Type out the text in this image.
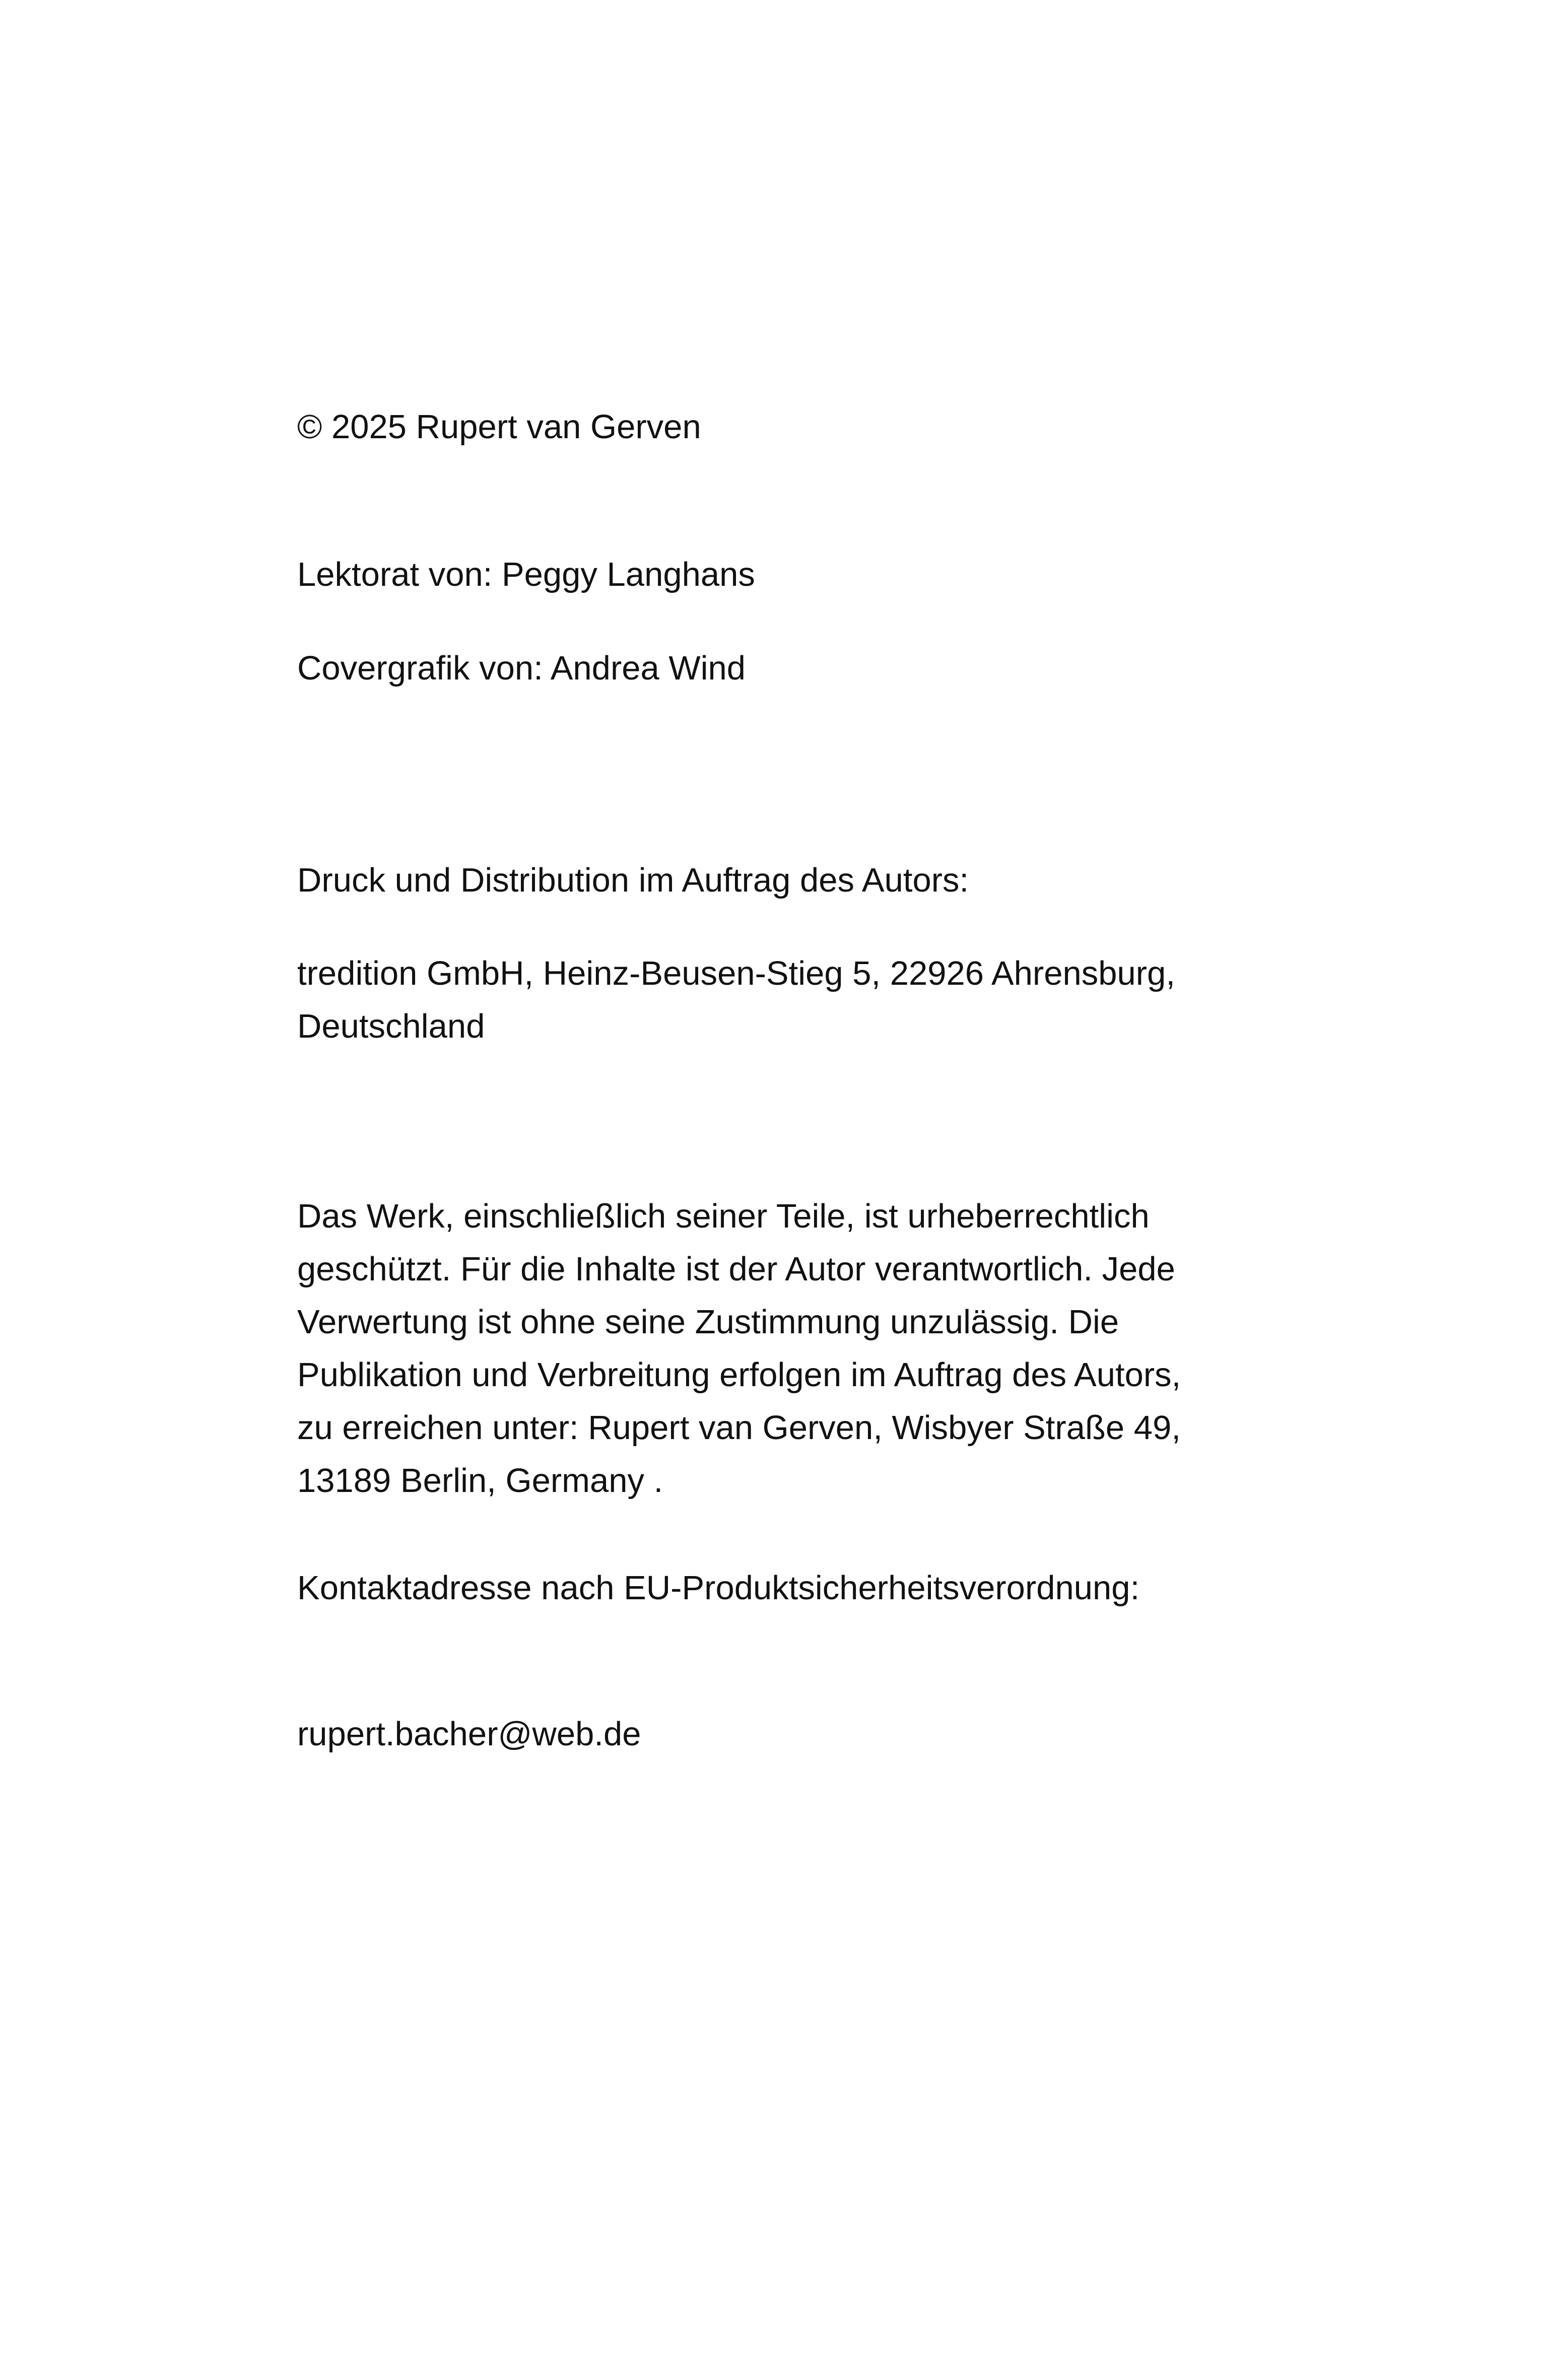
© 2025 Rupert van Gerven

Lektorat von: Peggy Langhans

Covergrafik von: Andrea Wind

Druck und Distribution im Auftrag des Autors:

tredition GmbH, Heinz-Beusen-Stieg 5, 22926 Ahrensburg,
Deutschland

Das Werk, einschließlich seiner Teile, ist urheberrechtlich
geschützt. Für die Inhalte ist der Autor verantwortlich. Jede
Verwertung ist ohne seine Zustimmung unzulässig. Die
Publikation und Verbreitung erfolgen im Auftrag des Autors,
zu erreichen unter: Rupert van Gerven, Wisbyer Straße 49,
13189 Berlin, Germany .

Kontaktadresse nach EU-Produktsicherheitsverordnung:

rupert.bacher@web.de
